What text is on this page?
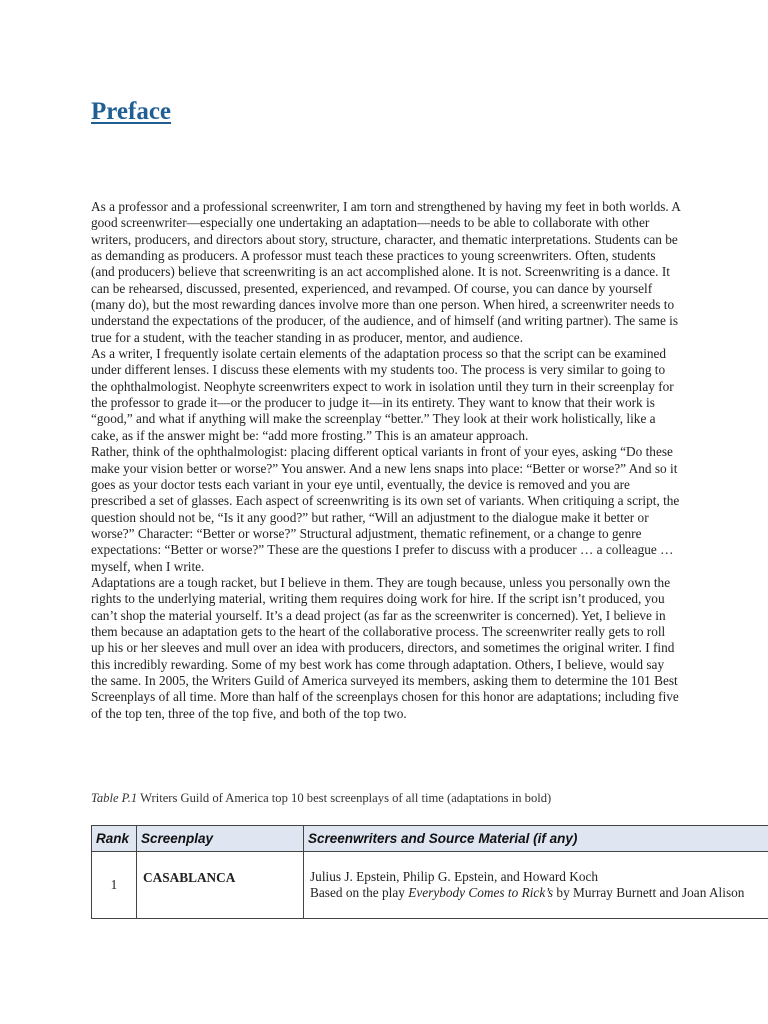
Preface

As a professor and a professional screenwriter, I am torn and strengthened by having my feet in both worlds. A good screenwriter—especially one undertaking an adaptation—needs to be able to collaborate with other writers, producers, and directors about story, structure, character, and thematic interpretations. Students can be as demanding as producers. A professor must teach these practices to young screenwriters. Often, students (and producers) believe that screenwriting is an act accomplished alone. It is not. Screenwriting is a dance. It can be rehearsed, discussed, presented, experienced, and revamped. Of course, you can dance by yourself (many do), but the most rewarding dances involve more than one person. When hired, a screenwriter needs to understand the expectations of the producer, of the audience, and of himself (and writing partner). The same is true for a student, with the teacher standing in as producer, mentor, and audience.

As a writer, I frequently isolate certain elements of the adaptation process so that the script can be examined under different lenses. I discuss these elements with my students too. The process is very similar to going to the ophthalmologist. Neophyte screenwriters expect to work in isolation until they turn in their screenplay for the professor to grade it—or the producer to judge it—in its entirety. They want to know that their work is “good,” and what if anything will make the screenplay “better.” They look at their work holistically, like a cake, as if the answer might be: “add more frosting.” This is an amateur approach.

Rather, think of the ophthalmologist: placing different optical variants in front of your eyes, asking “Do these make your vision better or worse?” You answer. And a new lens snaps into place: “Better or worse?” And so it goes as your doctor tests each variant in your eye until, eventually, the device is removed and you are prescribed a set of glasses. Each aspect of screenwriting is its own set of variants. When critiquing a script, the question should not be, “Is it any good?” but rather, “Will an adjustment to the dialogue make it better or worse?” Character: “Better or worse?” Structural adjustment, thematic refinement, or a change to genre expectations: “Better or worse?” These are the questions I prefer to discuss with a producer … a colleague … myself, when I write.

Adaptations are a tough racket, but I believe in them. They are tough because, unless you personally own the rights to the underlying material, writing them requires doing work for hire. If the script isn’t produced, you can’t shop the material yourself. It’s a dead project (as far as the screenwriter is concerned). Yet, I believe in them because an adaptation gets to the heart of the collaborative process. The screenwriter really gets to roll up his or her sleeves and mull over an idea with producers, directors, and sometimes the original writer. I find this incredibly rewarding. Some of my best work has come through adaptation. Others, I believe, would say the same. In 2005, the Writers Guild of America surveyed its members, asking them to determine the 101 Best Screenplays of all time. More than half of the screenplays chosen for this honor are adaptations; including five of the top ten, three of the top five, and both of the top two.

Table P.1 Writers Guild of America top 10 best screenplays of all time (adaptations in bold)
Rank	Screenplay	Screenwriters and Source Material (if any)
1	CASABLANCA	Julius J. Epstein, Philip G. Epstein, and Howard Koch
Based on the play Everybody Comes to Rick’s by Murray Burnett and Joan Alison
